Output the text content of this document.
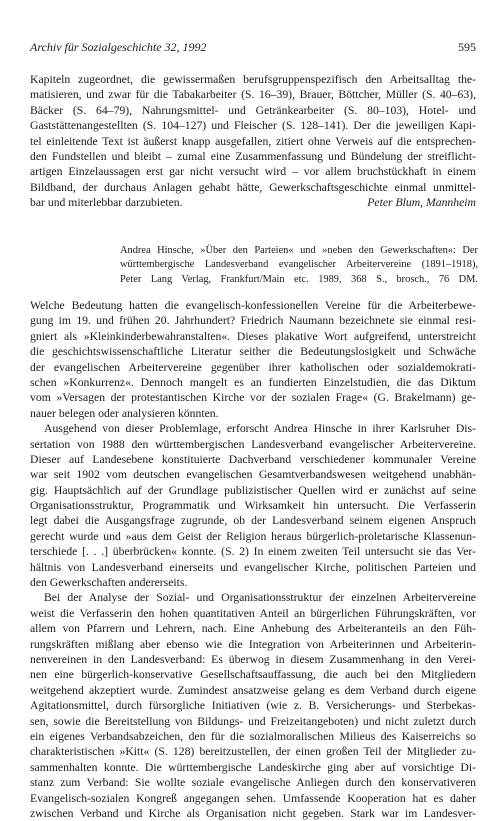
Archiv für Sozialgeschichte 32, 1992	595
Kapiteln zugeordnet, die gewissermaßen berufsgruppenspezifisch den Arbeitsalltag the-
matisieren, und zwar für die Tabakarbeiter (S. 16–39), Brauer, Böttcher, Müller (S. 40–63),
Bäcker (S. 64–79), Nahrungsmittel- und Getränkearbeiter (S. 80–103), Hotel- und
Gaststättenangestellten (S. 104–127) und Fleischer (S. 128–141). Der die jeweiligen Kapi-
tel einleitende Text ist äußerst knapp ausgefallen, zitiert ohne Verweis auf die entsprechen-
den Fundstellen und bleibt – zumal eine Zusammenfassung und Bündelung der streiflicht-
artigen Einzelaussagen erst gar nicht versucht wird – vor allem bruchstückhaft in einem
Bildband, der durchaus Anlagen gehabt hätte, Gewerkschaftsgeschichte einmal unmittel-
bar und miterlebbar darzubieten.	Peter Blum, Mannheim
Andrea Hinsche, »Über den Parteien« und »neben den Gewerkschaften«: Der
württembergische Landesverband evangelischer Arbeitervereine (1891–1918),
Peter Lang Verlag, Frankfurt/Main etc. 1989, 368 S., brosch., 76 DM.
Welche Bedeutung hatten die evangelisch-konfessionellen Vereine für die Arbeiterbewe-
gung im 19. und frühen 20. Jahrhundert? Friedrich Naumann bezeichnete sie einmal resi-
gniert als »Kleinkinderbewahranstalten«. Dieses plakative Wort aufgreifend, unterstreicht
die geschichtswissenschaftliche Literatur seither die Bedeutungslosigkeit und Schwäche
der evangelischen Arbeitervereine gegenüber ihrer katholischen oder sozialdemokrati-
schen »Konkurrenz«. Dennoch mangelt es an fundierten Einzelstudien, die das Diktum
vom »Versagen der protestantischen Kirche vor der sozialen Frage« (G. Brakelmann) ge-
nauer belegen oder analysieren könnten.
Ausgehend von dieser Problemlage, erforscht Andrea Hinsche in ihrer Karlsruher Dis-
sertation von 1988 den württembergischen Landesverband evangelischer Arbeitervereine.
Dieser auf Landesebene konstituierte Dachverband verschiedener kommunaler Vereine
war seit 1902 vom deutschen evangelischen Gesamtverbandswesen weitgehend unabhän-
gig. Hauptsächlich auf der Grundlage publizistischer Quellen wird er zunächst auf seine
Organisationsstruktur, Programmatik und Wirksamkeit hin untersucht. Die Verfasserin
legt dabei die Ausgangsfrage zugrunde, ob der Landesverband seinem eigenen Anspruch
gerecht wurde und »aus dem Geist der Religion heraus bürgerlich-proletarische Klassenun-
terschiede [. . .] überbrücken« konnte. (S. 2) In einem zweiten Teil untersucht sie das Ver-
hältnis von Landesverband einerseits und evangelischer Kirche, politischen Parteien und
den Gewerkschaften andererseits.
Bei der Analyse der Sozial- und Organisationsstruktur der einzelnen Arbeitervereine
weist die Verfasserin den hohen quantitativen Anteil an bürgerlichen Führungskräften, vor
allem von Pfarrern und Lehrern, nach. Eine Anhebung des Arbeiteranteils an den Füh-
rungskräften mißlang aber ebenso wie die Integration von Arbeiterinnen und Arbeiterin-
nenvereinen in den Landesverband: Es überwog in diesem Zusammenhang in den Verei-
nen eine bürgerlich-konservative Gesellschaftsauffassung, die auch bei den Mitgliedern
weitgehend akzeptiert wurde. Zumindest ansatzweise gelang es dem Verband durch eigene
Agitationsmittel, durch fürsorgliche Initiativen (wie z. B. Versicherungs- und Sterbekas-
sen, sowie die Bereitstellung von Bildungs- und Freizeitangeboten) und nicht zuletzt durch
ein eigenes Verbandsabzeichen, den für die sozialmoralischen Milieus des Kaiserreichs so
charakteristischen »Kitt« (S. 128) bereitzustellen, der einen großen Teil der Mitglieder zu-
sammenhalten konnte. Die württembergische Landeskirche ging aber auf vorsichtige Di-
stanz zum Verband: Sie wollte soziale evangelische Anliegen durch den konservativeren
Evangelisch-sozialen Kongreß angegangen sehen. Umfassende Kooperation hat es daher
zwischen Verband und Kirche als Organisation nicht gegeben. Stark war im Landesver-
